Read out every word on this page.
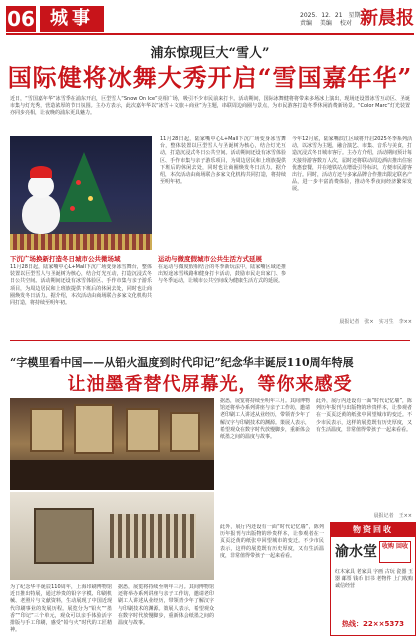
06 城事	2025．12．21　星期一
责编 　美编 　校对 新晨报
浦东惊现巨大“雪人”
国际健将冰舞大秀开启“雪国嘉年华”
近日，“雪国嘉年华”冰雪季在浦东开启，巨型雪人“Snow On Ice”亮相广场，吸引不少市民前来打卡。活动期间，国际冰舞健将将带来多场冰上演出，现场还设置冰雪互动区、圣诞市集与灯光秀，营造浓厚的节日氛围。主办方表示，此次嘉年华以“冰雪＋文旅＋商业”为主题，串联周边商圈与景点，为市民游客打造冬季休闲消费新场景。“Color Marc”灯光装置亦同步亮相，让夜晚的浦东更具魅力。
下沉广场换新打造冬日城市公共微场域
11月28日起，陆家嘴中心L+Mall下沉广场变身冰雪舞台，整体装置以巨型雪人与圣诞树为核心，结合灯光互动，打造沉浸式冬日公共空间。活动期间还设有冰雪体验区、手作市集与亲子游乐项目，为周边居民和上班族提供下班后的休闲去处，同时也让商圈焕发冬日活力。据介绍，本次活动由商场联合多家文化机构共同打造，将持续至明年初。
运动与微度假城市公共生活方式延展
在运动与微度假相结合的冬季新玩法中，陆家嘴区域还推出短途冰雪线路和健身打卡活动，鼓励市民走出家门、参与冬季运动，让城市公共空间成为健康生活方式的延展。
11月28日起，陆家嘴中心L+Mall下沉广场变身冰雪舞台，整体装置以巨型雪人与圣诞树为核心，结合灯光互动，打造沉浸式冬日公共空间。活动期间还设有冰雪体验区、手作市集与亲子游乐项目，为周边居民和上班族提供下班后的休闲去处，同时也让商圈焕发冬日活力。据介绍，本次活动由商场联合多家文化机构共同打造，将持续至明年初。
今年12月底，陆家嘴滨江区域将开启2025冬季系列活动，以冰雪为主题，融合演艺、市集、音乐与美食，打造沉浸式冬日城市客厅。主办方介绍，活动期间预计每天接待游客数万人次，届时还将联动周边酒店推出住宿优惠套餐，并在地铁站点增设引导标识，方便市民游客出行。同时，活动方还与多家品牌合作推出限定联名产品，进一步丰富消费体验，推动冬季夜间经济繁荣发展。
晨报记者　张×　实习生　李××
“字模里看中国——从铅火温度到时代印记”纪念华丰诞辰110周年特展
让油墨香替代屏幕光，等你来感受
据悉，展览将持续至明年三月。其间博物馆还将举办系列讲座与亲子工作坊，邀请老印刷工人讲述从业经历，带领青少年了解汉字与印刷技术的渊源。策展人表示，希望观众在数字时代放慢脚步，重新体会纸墨之间的温度与故事。
此外，展厅内还设有一面“时代记忆墙”，陈列历年报刊与出版物的珍贵样本，让参观者在一页页泛黄的纸张中回望城市的变迁。不少市民表示，这样的展览既有历史厚度，又有生活温度，非常值得带孩子一起来看看。
晨报记者　王××
为了纪念华丰诞辰110周年，上海印刷博物馆近日推出特展，通过珍贵的铅字字模、印刷机械、老照片与文献资料，生动展现了中国近现代印刷事业的发展历程。展览分为“铅火”“墨香”“印记”三个单元，观众可以亲手体验活字排版与手工印刷，感受“铅与火”时代的工匠精神。
据悉，展览将持续至明年三月。其间博物馆还将举办系列讲座与亲子工作坊，邀请老印刷工人讲述从业经历，带领青少年了解汉字与印刷技术的渊源。策展人表示，希望观众在数字时代放慢脚步，重新体会纸墨之间的温度与故事。
此外，展厅内还设有一面“时代记忆墙”，陈列历年报刊与出版物的珍贵样本，让参观者在一页页泛黄的纸张中回望城市的变迁。不少市民表示，这样的展览既有历史厚度，又有生活温度，非常值得带孩子一起来看看。
物资回收
渝水堂 收购 回收
红木家具 老家具 字画 古玩 瓷器 玉器 邮票 钱币 旧书 老物件 上门收购 诚信经营
热线：22××5373
